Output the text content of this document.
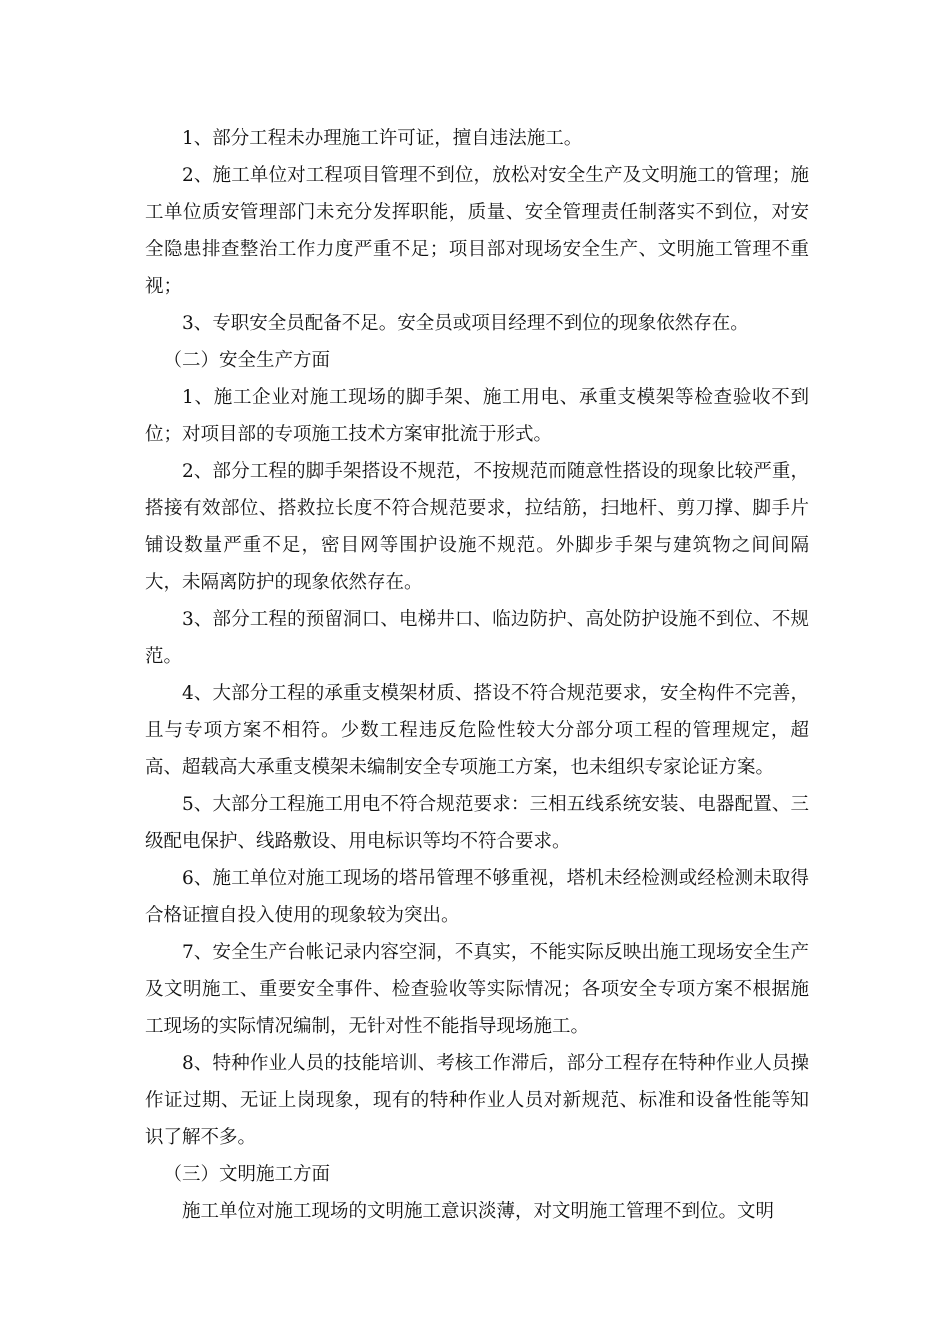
1、部分工程未办理施工许可证，擅自违法施工。

2、施工单位对工程项目管理不到位，放松对安全生产及文明施工的管理；施工单位质安管理部门未充分发挥职能，质量、安全管理责任制落实不到位，对安全隐患排查整治工作力度严重不足；项目部对现场安全生产、文明施工管理不重视；

3、专职安全员配备不足。安全员或项目经理不到位的现象依然存在。

（二）安全生产方面

1、施工企业对施工现场的脚手架、施工用电、承重支模架等检查验收不到位；对项目部的专项施工技术方案审批流于形式。

2、部分工程的脚手架搭设不规范，不按规范而随意性搭设的现象比较严重，搭接有效部位、搭救拉长度不符合规范要求，拉结筋，扫地杆、剪刀撑、脚手片铺设数量严重不足，密目网等围护设施不规范。外脚步手架与建筑物之间间隔大，未隔离防护的现象依然存在。

3、部分工程的预留洞口、电梯井口、临边防护、高处防护设施不到位、不规范。

4、大部分工程的承重支模架材质、搭设不符合规范要求，安全构件不完善，且与专项方案不相符。少数工程违反危险性较大分部分项工程的管理规定，超高、超载高大承重支模架未编制安全专项施工方案，也未组织专家论证方案。

5、大部分工程施工用电不符合规范要求：三相五线系统安装、电器配置、三级配电保护、线路敷设、用电标识等均不符合要求。

6、施工单位对施工现场的塔吊管理不够重视，塔机未经检测或经检测未取得合格证擅自投入使用的现象较为突出。

7、安全生产台帐记录内容空洞，不真实，不能实际反映出施工现场安全生产及文明施工、重要安全事件、检查验收等实际情况；各项安全专项方案不根据施工现场的实际情况编制，无针对性不能指导现场施工。

8、特种作业人员的技能培训、考核工作滞后，部分工程存在特种作业人员操作证过期、无证上岗现象，现有的特种作业人员对新规范、标准和设备性能等知识了解不多。

（三）文明施工方面

施工单位对施工现场的文明施工意识淡薄，对文明施工管理不到位。文明
